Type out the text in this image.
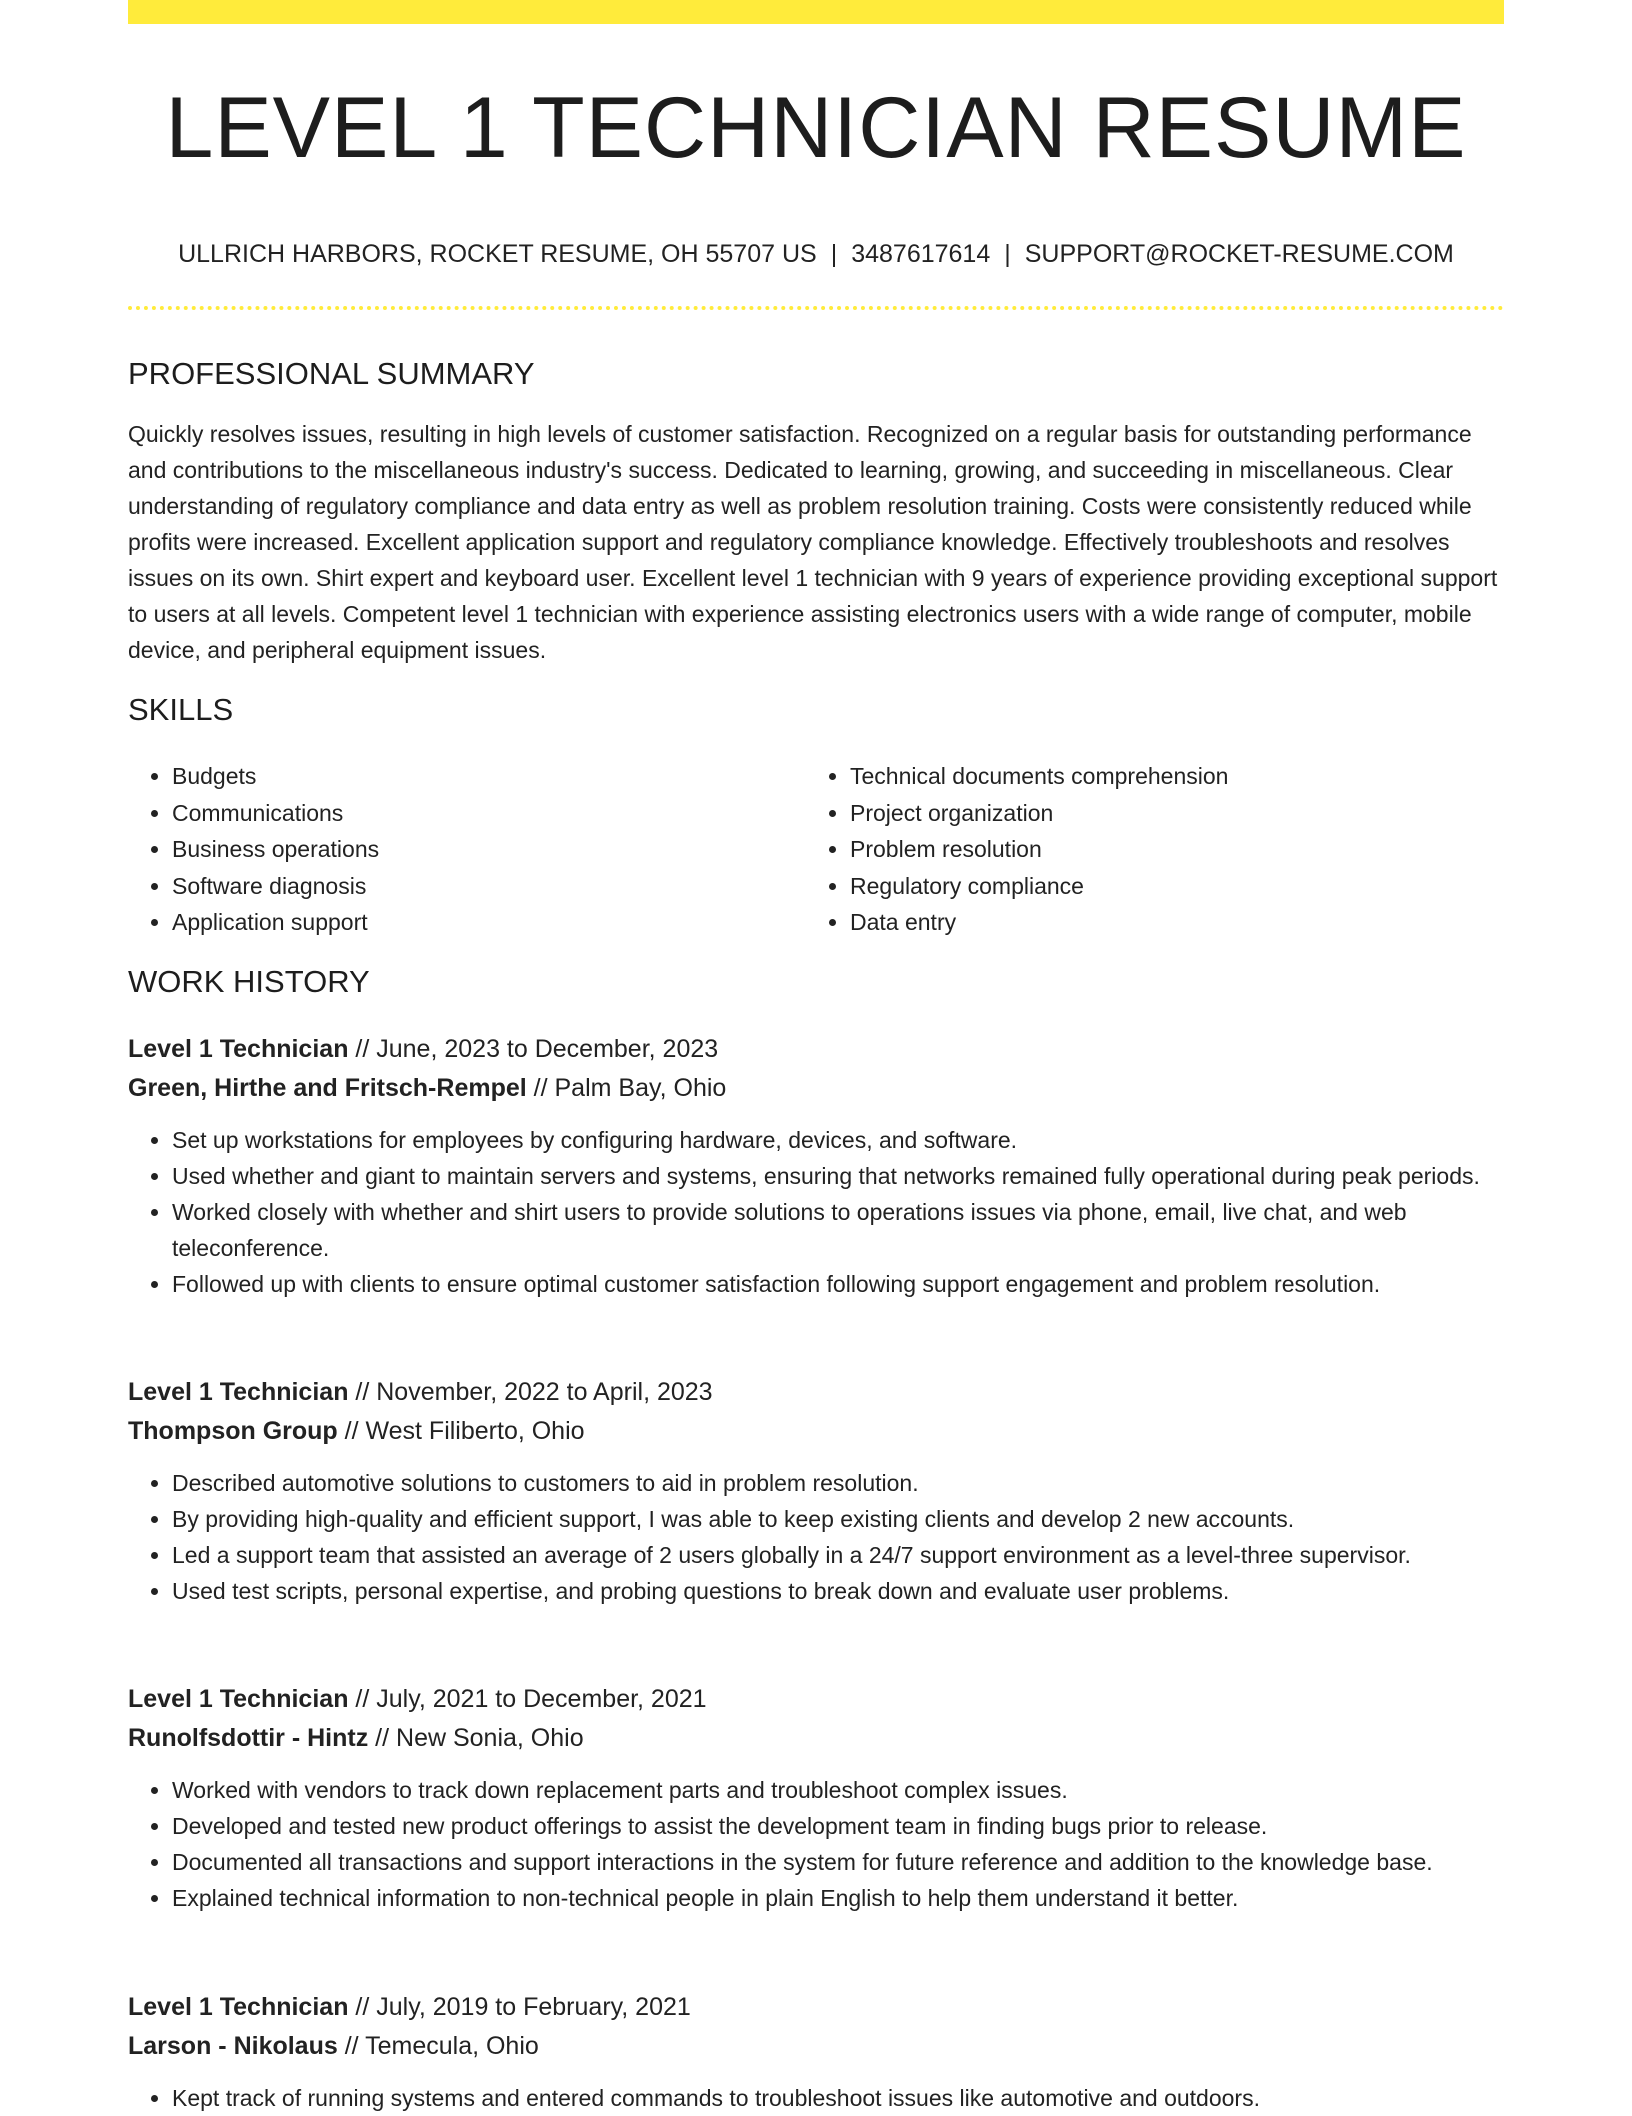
LEVEL 1 TECHNICIAN RESUME
ULLRICH HARBORS, ROCKET RESUME, OH 55707 US | 3487617614 | SUPPORT@ROCKET-RESUME.COM
PROFESSIONAL SUMMARY

Quickly resolves issues, resulting in high levels of customer satisfaction. Recognized on a regular basis for outstanding performance and contributions to the miscellaneous industry's success. Dedicated to learning, growing, and succeeding in miscellaneous. Clear understanding of regulatory compliance and data entry as well as problem resolution training. Costs were consistently reduced while profits were increased. Excellent application support and regulatory compliance knowledge. Effectively troubleshoots and resolves issues on its own. Shirt expert and keyboard user. Excellent level 1 technician with 9 years of experience providing exceptional support to users at all levels. Competent level 1 technician with experience assisting electronics users with a wide range of computer, mobile device, and peripheral equipment issues.

SKILLS
• Budgets
• Communications
• Business operations
• Software diagnosis
• Application support
• Technical documents comprehension
• Project organization
• Problem resolution
• Regulatory compliance
• Data entry
WORK HISTORY
Level 1 Technician // June, 2023 to December, 2023
Green, Hirthe and Fritsch-Rempel // Palm Bay, Ohio
• Set up workstations for employees by configuring hardware, devices, and software.
• Used whether and giant to maintain servers and systems, ensuring that networks remained fully operational during peak periods.
• Worked closely with whether and shirt users to provide solutions to operations issues via phone, email, live chat, and web teleconference.
• Followed up with clients to ensure optimal customer satisfaction following support engagement and problem resolution.
Level 1 Technician // November, 2022 to April, 2023
Thompson Group // West Filiberto, Ohio
• Described automotive solutions to customers to aid in problem resolution.
• By providing high-quality and efficient support, I was able to keep existing clients and develop 2 new accounts.
• Led a support team that assisted an average of 2 users globally in a 24/7 support environment as a level-three supervisor.
• Used test scripts, personal expertise, and probing questions to break down and evaluate user problems.
Level 1 Technician // July, 2021 to December, 2021
Runolfsdottir - Hintz // New Sonia, Ohio
• Worked with vendors to track down replacement parts and troubleshoot complex issues.
• Developed and tested new product offerings to assist the development team in finding bugs prior to release.
• Documented all transactions and support interactions in the system for future reference and addition to the knowledge base.
• Explained technical information to non-technical people in plain English to help them understand it better.
Level 1 Technician // July, 2019 to February, 2021
Larson - Nikolaus // Temecula, Ohio
• Kept track of running systems and entered commands to troubleshoot issues like automotive and outdoors.
